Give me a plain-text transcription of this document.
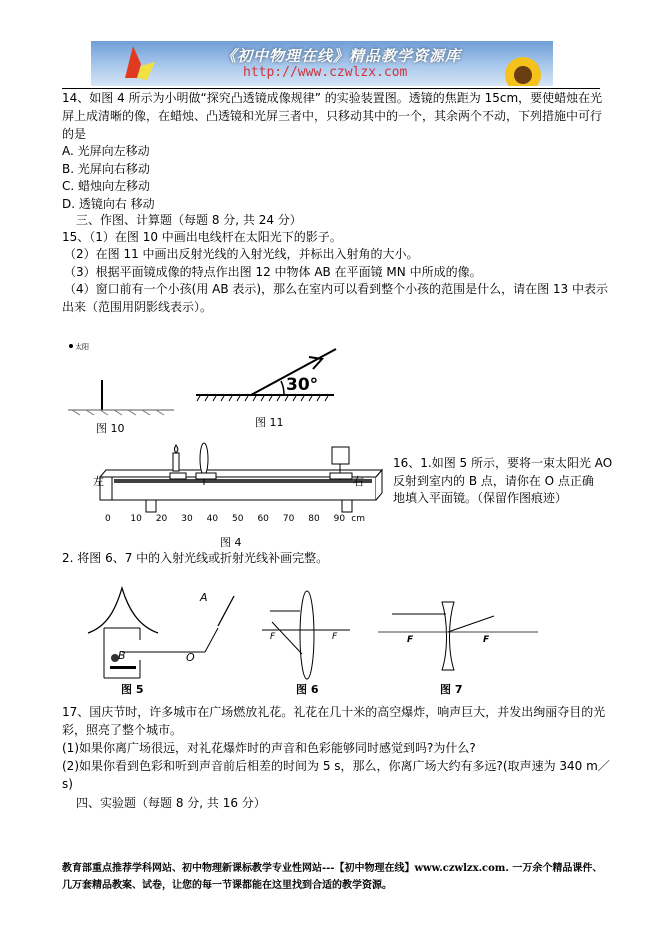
《初中物理在线》精品教学资源库
http://www.czwlzx.com
14、如图 4 所示为小明做“探究凸透镜成像规律” 的实验装置图。透镜的焦距为 15cm，要使蜡烛在光
屏上成清晰的像，在蜡烛、凸透镜和光屏三者中，只移动其中的一个，其余两个不动，下列措施中可行
的是
A. 光屏向左移动
B. 光屏向右移动
C. 蜡烛向左移动
D. 透镜向右 移动
三、作图、计算题（每题 8 分, 共 24 分）
15、（1）在图 10 中画出电线杆在太阳光下的影子。
（2）在图 11 中画出反射光线的入射光线，并标出入射角的大小。
（3）根据平面镜成像的特点作出图 12 中物体 AB 在平面镜 MN 中所成的像。
（4）窗口前有一个小孩(用 AB 表示)，那么在室内可以看到整个小孩的范围是什么，请在图 13 中表示
出来（范围用阴影线表示）。
太阳
图 10
30°
图 11
左	右
0	10	20	30	40	50	60	70	80	90 cm
图 4
16、1.如图 5 所示，要将一束太阳光 AO
反射到室内的 B 点，请你在 O 点正确
地填入平面镜。（保留作图痕迹）
2. 将图 6、7 中的入射光线或折射光线补画完整。
A
B	O
图 5
F	F
图 6
F	F
图 7
17、国庆节时，许多城市在广场燃放礼花。礼花在几十米的高空爆炸，响声巨大，并发出绚丽夺目的光
彩，照亮了整个城市。
(1)如果你离广场很远，对礼花爆炸时的声音和色彩能够同时感觉到吗?为什么?
(2)如果你看到色彩和听到声音前后相差的时间为 5 s，那么，你离广场大约有多远?(取声速为 340 m／
s)
四、实验题（每题 8 分, 共 16 分）
教育部重点推荐学科网站、初中物理新课标教学专业性网站---【初中物理在线】www.czwlzx.com. 一万余个精品课件、
几万套精品教案、试卷，让您的每一节课都能在这里找到合适的教学资源。
